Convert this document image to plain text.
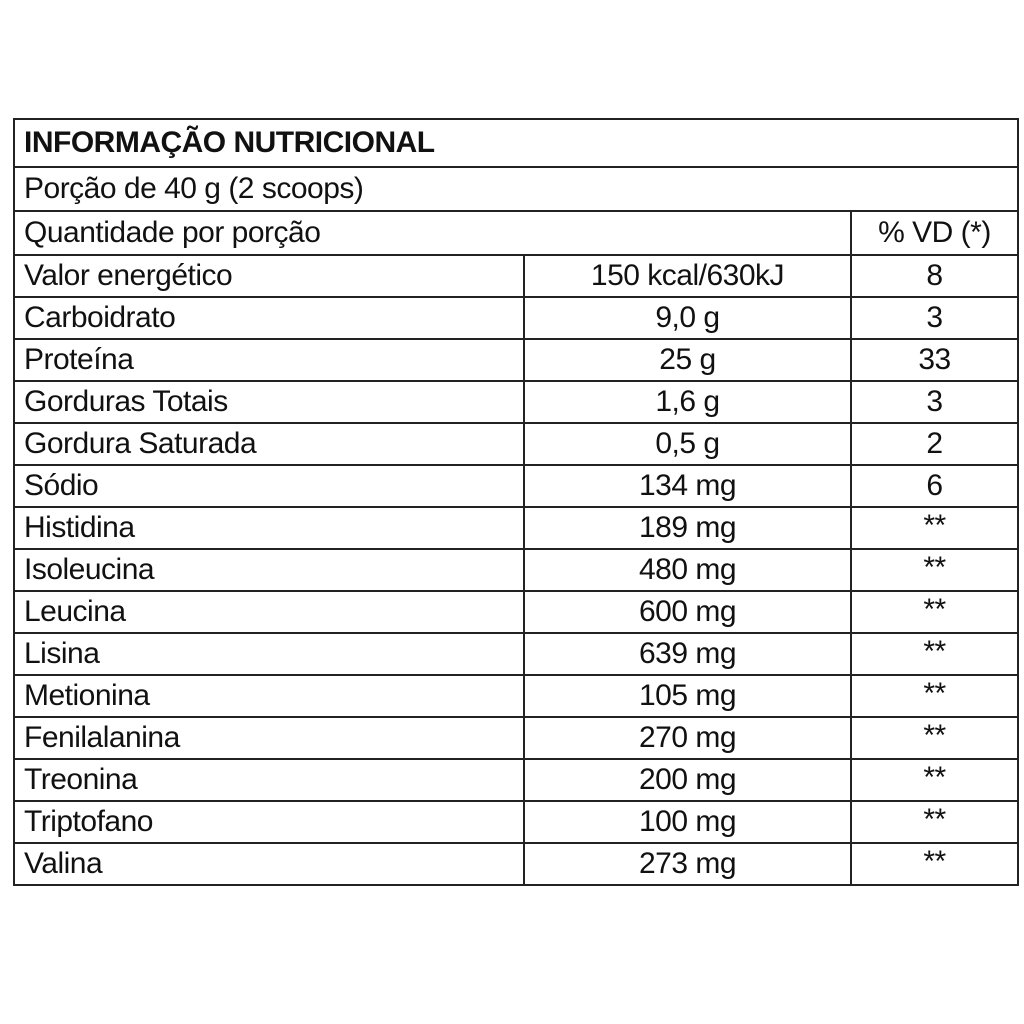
INFORMAÇÃO NUTRICIONAL		
Porção de 40 g (2 scoops)		
Quantidade por porção		% VD (*)
Valor energético	150 kcal/630kJ	8
Carboidrato	9,0 g	3
Proteína	25 g	33
Gorduras Totais	1,6 g	3
Gordura Saturada	0,5 g	2
Sódio	134 mg	6
Histidina	189 mg	**
Isoleucina	480 mg	**
Leucina	600 mg	**
Lisina	639 mg	**
Metionina	105 mg	**
Fenilalanina	270 mg	**
Treonina	200 mg	**
Triptofano	100 mg	**
Valina	273 mg	**
